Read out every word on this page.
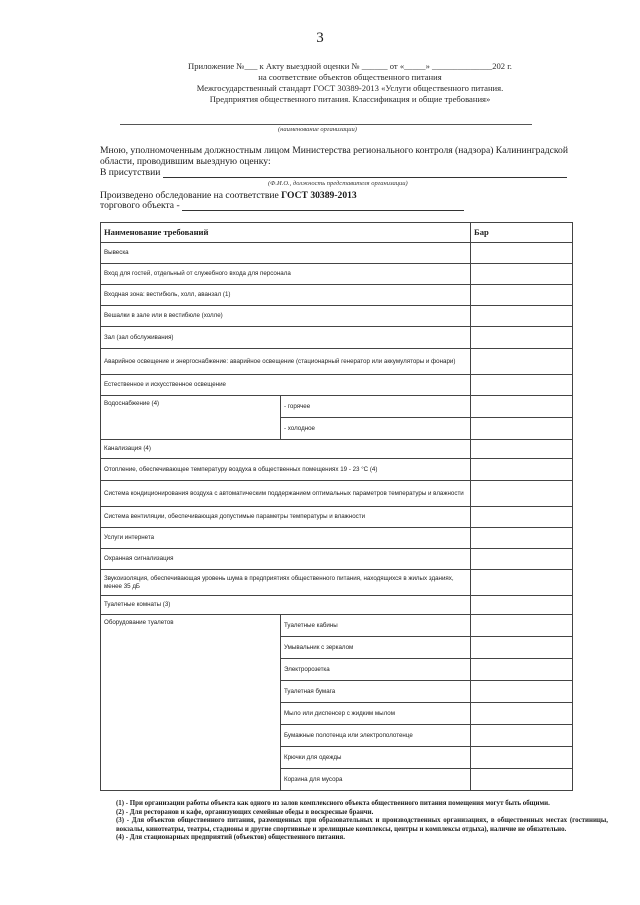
3
Приложение №___ к Акту выездной оценки № ______ от «_____» ______________202 г.
на соответствие объектов общественного питания
Межгосударственный стандарт ГОСТ 30389-2013 «Услуги общественного питания.
Предприятия общественного питания. Классификация и общие требования»
(наименование организации)
Мною, уполномоченным должностным лицом Министерства регионального контроля (надзора) Калининградской области, проводившим выездную оценку:
В присутствии
(Ф.И.О., должность представителя организации)
Произведено обследование на соответствие ГОСТ 30389-2013
торгового объекта -
Наименование требований		Бар
Вывеска		
Вход для гостей, отдельный от служебного входа для персонала		
Входная зона: вестибюль, холл, аванзал (1)		
Вешалки в зале или в вестибюле (холле)		
Зал (зал обслуживания)		
Аварийное освещение и энергоснабжение: аварийное освещение (стационарный генератор или аккумуляторы и фонари)		
Естественное и искусственное освещение		
Водоснабжение (4)	- горячее	
	- холодное	
Канализация (4)		
Отопление, обеспечивающее температуру воздуха в общественных помещениях 19 - 23 °С (4)		
Система кондиционирования воздуха с автоматическим поддержанием оптимальных параметров температуры и влажности		
Система вентиляции, обеспечивающая допустимые параметры температуры и влажности		
Услуги интернета		
Охранная сигнализация		
Звукоизоляция, обеспечивающая уровень шума в предприятиях общественного питания, находящихся в жилых зданиях, менее 35 дБ		
Туалетные комнаты (3)		
Оборудование туалетов	Туалетные кабины	
	Умывальник с зеркалом	
	Электророзетка	
	Туалетная бумага	
	Мыло или диспенсер с жидким мылом	
	Бумажные полотенца или электрополотенце	
	Крючки для одежды	
	Корзина для мусора	
(1) - При организации работы объекта как одного из залов комплексного объекта общественного питания помещения могут быть общими.
(2) - Для ресторанов и кафе, организующих семейные обеды в воскресные бранчи.
(3) - Для объектов общественного питания, размещенных при образовательных и производственных организациях, в общественных местах (гостиницы, вокзалы, кинотеатры, театры, стадионы и другие спортивные и зрелищные комплексы, центры и комплексы отдыха), наличие не обязательно.
(4) - Для стационарных предприятий (объектов) общественного питания.
